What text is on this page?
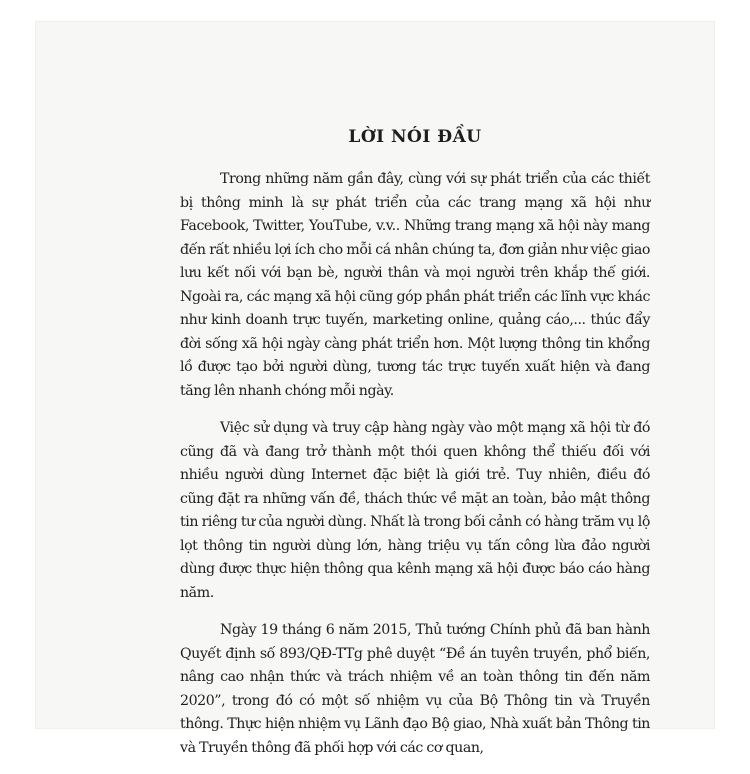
LỜI NÓI ĐẦU

Trong những năm gần đây, cùng với sự phát triển của các thiết bị thông minh là sự phát triển của các trang mạng xã hội như Facebook, Twitter, YouTube, v.v.. Những trang mạng xã hội này mang đến rất nhiều lợi ích cho mỗi cá nhân chúng ta, đơn giản như việc giao lưu kết nối với bạn bè, người thân và mọi người trên khắp thế giới. Ngoài ra, các mạng xã hội cũng góp phần phát triển các lĩnh vực khác như kinh doanh trực tuyến, marketing online, quảng cáo,... thúc đẩy đời sống xã hội ngày càng phát triển hơn. Một lượng thông tin khổng lồ được tạo bởi người dùng, tương tác trực tuyến xuất hiện và đang tăng lên nhanh chóng mỗi ngày.

Việc sử dụng và truy cập hàng ngày vào một mạng xã hội từ đó cũng đã và đang trở thành một thói quen không thể thiếu đối với nhiều người dùng Internet đặc biệt là giới trẻ. Tuy nhiên, điều đó cũng đặt ra những vấn đề, thách thức về mặt an toàn, bảo mật thông tin riêng tư của người dùng. Nhất là trong bối cảnh có hàng trăm vụ lộ lọt thông tin người dùng lớn, hàng triệu vụ tấn công lừa đảo người dùng được thực hiện thông qua kênh mạng xã hội được báo cáo hàng năm.

Ngày 19 tháng 6 năm 2015, Thủ tướng Chính phủ đã ban hành Quyết định số 893/QĐ-TTg phê duyệt “Đề án tuyên truyền, phổ biến, nâng cao nhận thức và trách nhiệm về an toàn thông tin đến năm 2020”, trong đó có một số nhiệm vụ của Bộ Thông tin và Truyền thông. Thực hiện nhiệm vụ Lãnh đạo Bộ giao, Nhà xuất bản Thông tin và Truyền thông đã phối hợp với các cơ quan,
